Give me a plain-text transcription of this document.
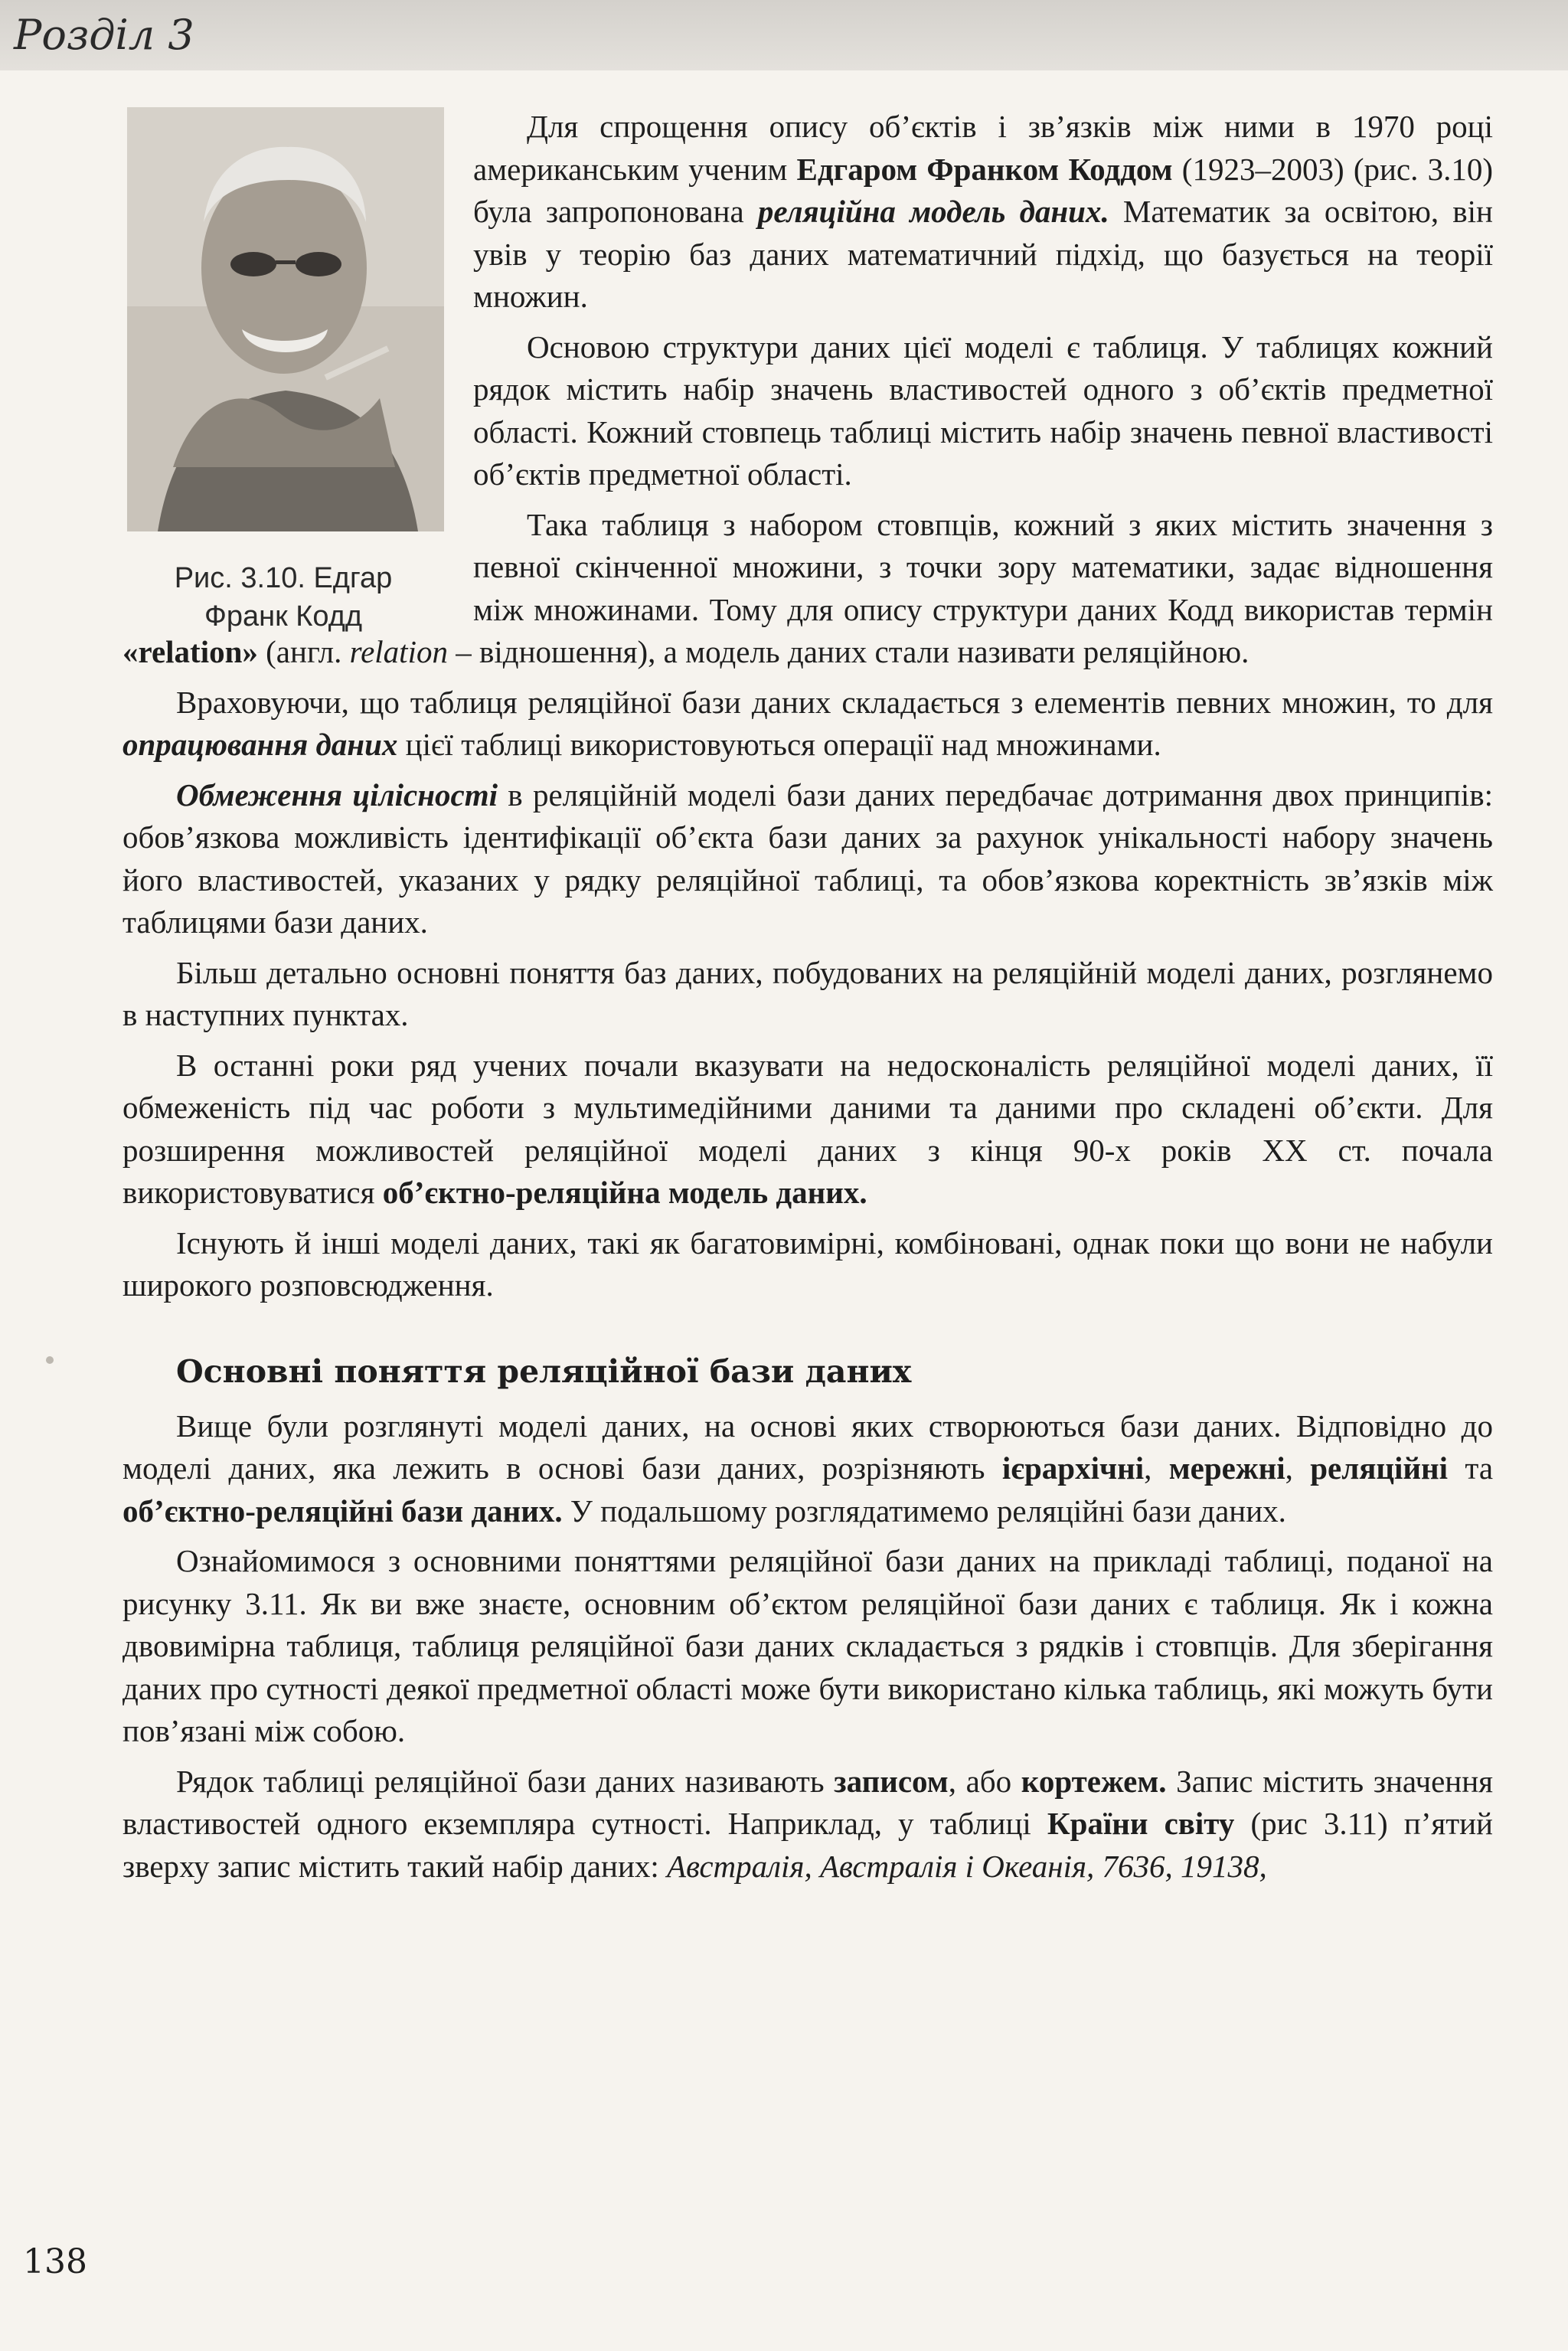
Розділ 3
Рис. 3.10. Едгар
Франк Кодд

Для спрощення опису об’єктів і зв’язків між ними в 1970 році американським ученим Едгаром Франком Коддом (1923–2003) (рис. 3.10) була запропонована реляційна модель даних. Математик за освітою, він увів у теорію баз даних математичний підхід, що базується на теорії множин.

Основою структури даних цієї моделі є таблиця. У таблицях кожний рядок містить набір значень властивостей одного з об’єктів предметної області. Кожний стовпець таблиці містить набір значень певної властивості об’єктів предметної області.

Така таблиця з набором стовпців, кожний з яких містить значення з певної скінченної множини, з точки зору математики, задає відношення між множинами. Тому для опису структури даних Кодд використав термін «relation» (англ. relation – відношення), а модель даних стали називати реляційною.

Враховуючи, що таблиця реляційної бази даних складається з елементів певних множин, то для опрацювання даних цієї таблиці використовуються операції над множинами.

Обмеження цілісності в реляційній моделі бази даних передбачає дотримання двох принципів: обов’язкова можливість ідентифікації об’єкта бази даних за рахунок унікальності набору значень його властивостей, указаних у рядку реляційної таблиці, та обов’язкова коректність зв’язків між таблицями бази даних.

Більш детально основні поняття баз даних, побудованих на реляційній моделі даних, розглянемо в наступних пунктах.

В останні роки ряд учених почали вказувати на недосконалість реляційної моделі даних, її обмеженість під час роботи з мультимедійними даними та даними про складені об’єкти. Для розширення можливостей реляційної моделі даних з кінця 90-х років XX ст. почала використовуватися об’єктно-реляційна модель даних.

Існують й інші моделі даних, такі як багатовимірні, комбіновані, однак поки що вони не набули широкого розповсюдження.

Основні поняття реляційної бази даних

Вище були розглянуті моделі даних, на основі яких створюються бази даних. Відповідно до моделі даних, яка лежить в основі бази даних, розрізняють ієрархічні, мережні, реляційні та об’єктно-реляційні бази даних. У подальшому розглядатимемо реляційні бази даних.

Ознайомимося з основними поняттями реляційної бази даних на прикладі таблиці, поданої на рисунку 3.11. Як ви вже знаєте, основним об’єктом реляційної бази даних є таблиця. Як і кожна двовимірна таблиця, таблиця реляційної бази даних складається з рядків і стовпців. Для зберігання даних про сутності деякої предметної області може бути використано кілька таблиць, які можуть бути пов’язані між собою.

Рядок таблиці реляційної бази даних називають записом, або кортежем. Запис містить значення властивостей одного екземпляра сутності. Наприклад, у таблиці Країни світу (рис 3.11) п’ятий зверху запис містить такий набір даних: Австралія, Австралія і Океанія, 7636, 19138,

138
